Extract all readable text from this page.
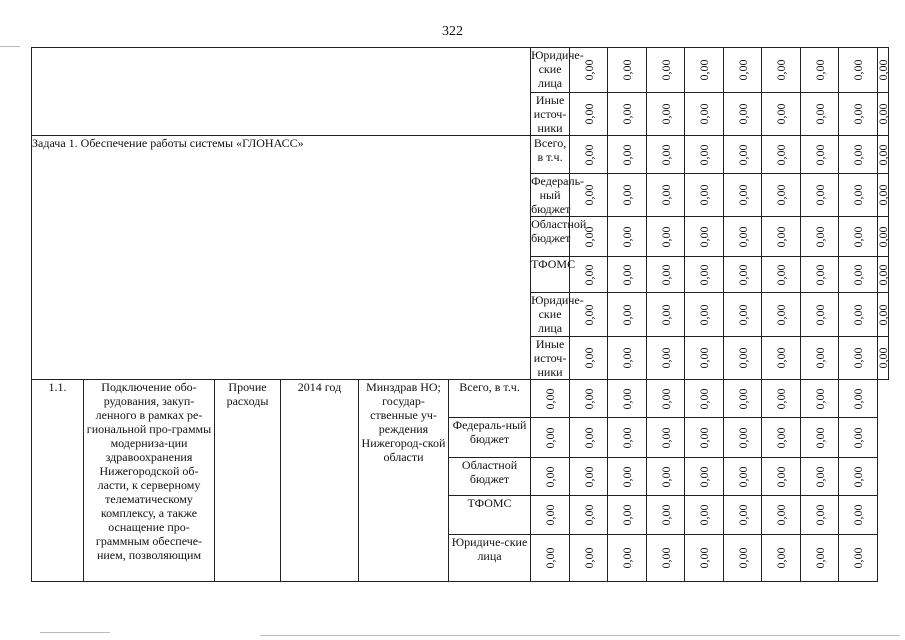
322
						Юридиче-ские лица	0,00	0,00	0,00	0,00	0,00	0,00	0,00	0,00	0,00

						Иные источ-ники	0,00	0,00	0,00	0,00	0,00	0,00	0,00	0,00	0,00

Задача 1. Обеспечение работы системы «ГЛОНАСС»						Всего, в т.ч.	0,00	0,00	0,00	0,00	0,00	0,00	0,00	0,00	0,00

						Федераль-ный бюджет	0,00	0,00	0,00	0,00	0,00	0,00	0,00	0,00	0,00

						Областной бюджет	0,00	0,00	0,00	0,00	0,00	0,00	0,00	0,00	0,00

						ТФОМС	0,00	0,00	0,00	0,00	0,00	0,00	0,00	0,00	0,00

						Юридиче-ские лица	0,00	0,00	0,00	0,00	0,00	0,00	0,00	0,00	0,00

						Иные источ-ники	0,00	0,00	0,00	0,00	0,00	0,00	0,00	0,00	0,00

1.1.	Подключение обо-рудования, закуп-ленного в рамках ре-гиональной про-граммы модерниза-ции здравоохранения Нижегородской об-ласти, к серверному телематическому комплексу, а также оснащение про-граммным обеспече-нием, позволяющим	Прочие расходы	2014 год	Минздрав НО; государ-ственные уч-реждения Нижегород-ской области	Всего, в т.ч.	0,00	0,00	0,00	0,00	0,00	0,00	0,00	0,00	0,00	

					Федераль-ный бюджет	0,00	0,00	0,00	0,00	0,00	0,00	0,00	0,00	0,00	

					Областной бюджет	0,00	0,00	0,00	0,00	0,00	0,00	0,00	0,00	0,00	

					ТФОМС	0,00	0,00	0,00	0,00	0,00	0,00	0,00	0,00	0,00	

					Юридиче-ские лица	0,00	0,00	0,00	0,00	0,00	0,00	0,00	0,00	0,00	
